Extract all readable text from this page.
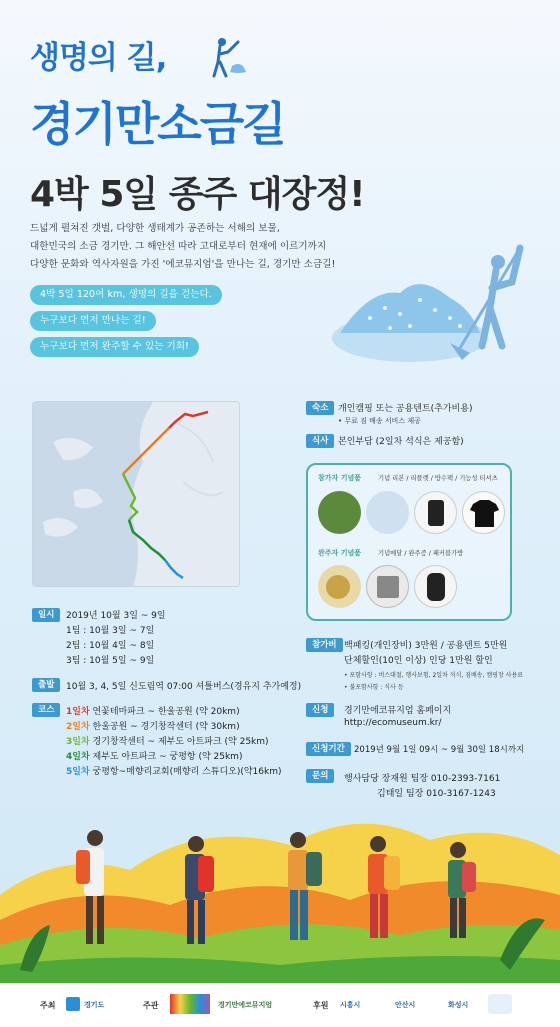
생명의 길,
경기만소금길
4박 5일 종주 대장정!
드넓게 펼쳐진 갯벌, 다양한 생태계가 공존하는 서해의 보물,
대한민국의 소금 경기만. 그 해안선 따라 고대로부터 현재에 이르기까지
다양한 문화와 역사자원을 가진 '에코뮤지엄'을 만나는 길, 경기만 소금길!
4박 5일 120여 km, 생명의 길을 걷는다.
누구보다 먼저 만나는 길!
누구보다 먼저 완주할 수 있는 기회!
일시	2019년 10월 3일 ~ 9일
1팀 : 10월 3일 ~ 7일
2팀 : 10월 4일 ~ 8일
3팀 : 10월 5일 ~ 9일
출발	10월 3, 4, 5일 신도림역 07:00 셔틀버스(경유지 추가예정)
코스	1일차 연꽃테마파크 ~ 한울공원 (약 20km)
2일차 한울공원 ~ 경기창작센터 (약 30km)
3일차 경기창작센터 ~ 제부도 아트파크 (약 25km)
4일차 제부도 아트파크 ~ 궁평항 (약 25km)
5일차 궁평항~매향리교회(매향리 스튜디오)(약16km)
숙소	개인캠핑 또는 공용텐트(추가비용)
• 무료 짐 배송 서비스 제공
식사	본인부담 (2일차 석식은 제공함)
참가자 기념품	기념 리본 / 리플렛 / 방수팩 / 기능성 티셔츠
완주자 기념품	기념메달 / 완주증 / 패커블가방
참가비 백패킹(개인장비) 3만원 / 공용텐트 5만원
단체할인(10인 이상) 인당 1만원 할인
• 포함사항 : 버스대절, 행사보험, 2일차 석식, 짐배송, 캠핑장 사용료
• 불포함사항 : 식사 등
신청	경기만에코뮤지엄 홈페이지
http://ecomuseum.kr/
신청기간	2019년 9월 1일 09시 ~ 9월 30일 18시까지
문의	행사담당 장재원 팀장 010-2393-7161
김태일 팀장 010-3167-1243
주최	경기도	주관	경기만에코뮤지엄	후원 시흥시	안산시	화성시
